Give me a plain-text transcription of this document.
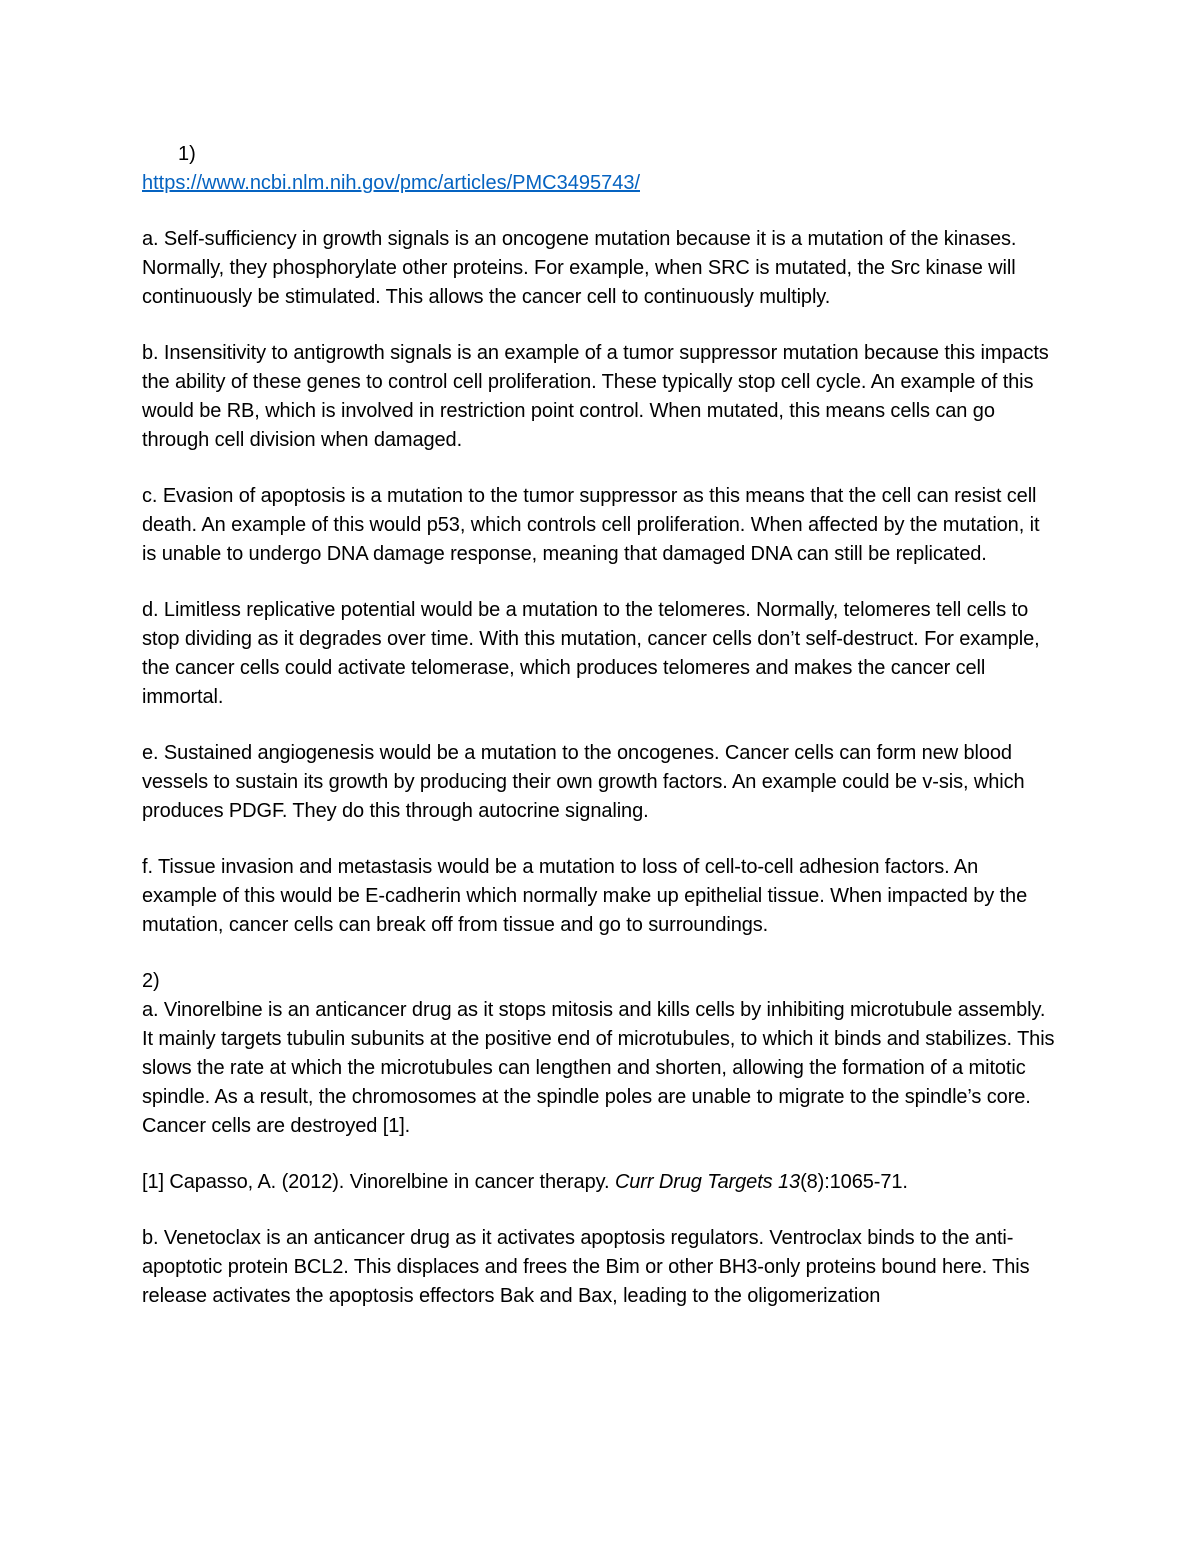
1)
https://www.ncbi.nlm.nih.gov/pmc/articles/PMC3495743/

a. Self-sufficiency in growth signals is an oncogene mutation because it is a mutation of the kinases. Normally, they phosphorylate other proteins. For example, when SRC is mutated, the Src kinase will continuously be stimulated. This allows the cancer cell to continuously multiply.

b. Insensitivity to antigrowth signals is an example of a tumor suppressor mutation because this impacts the ability of these genes to control cell proliferation. These typically stop cell cycle. An example of this would be RB, which is involved in restriction point control. When mutated, this means cells can go through cell division when damaged.

c. Evasion of apoptosis is a mutation to the tumor suppressor as this means that the cell can resist cell death. An example of this would p53, which controls cell proliferation. When affected by the mutation, it is unable to undergo DNA damage response, meaning that damaged DNA can still be replicated.

d. Limitless replicative potential would be a mutation to the telomeres. Normally, telomeres tell cells to stop dividing as it degrades over time. With this mutation, cancer cells don’t self-destruct. For example, the cancer cells could activate telomerase, which produces telomeres and makes the cancer cell immortal.

e. Sustained angiogenesis would be a mutation to the oncogenes. Cancer cells can form new blood vessels to sustain its growth by producing their own growth factors. An example could be v-sis, which produces PDGF. They do this through autocrine signaling.

f. Tissue invasion and metastasis would be a mutation to loss of cell-to-cell adhesion factors. An example of this would be E-cadherin which normally make up epithelial tissue. When impacted by the mutation, cancer cells can break off from tissue and go to surroundings.

2)

a. Vinorelbine is an anticancer drug as it stops mitosis and kills cells by inhibiting microtubule assembly. It mainly targets tubulin subunits at the positive end of microtubules, to which it binds and stabilizes. This slows the rate at which the microtubules can lengthen and shorten, allowing the formation of a mitotic spindle. As a result, the chromosomes at the spindle poles are unable to migrate to the spindle’s core. Cancer cells are destroyed [1].

[1] Capasso, A. (2012). Vinorelbine in cancer therapy. Curr Drug Targets 13(8):1065-71.

b. Venetoclax is an anticancer drug as it activates apoptosis regulators. Ventroclax binds to the anti-apoptotic protein BCL2. This displaces and frees the Bim or other BH3-only proteins bound here. This release activates the apoptosis effectors Bak and Bax, leading to the oligomerization
